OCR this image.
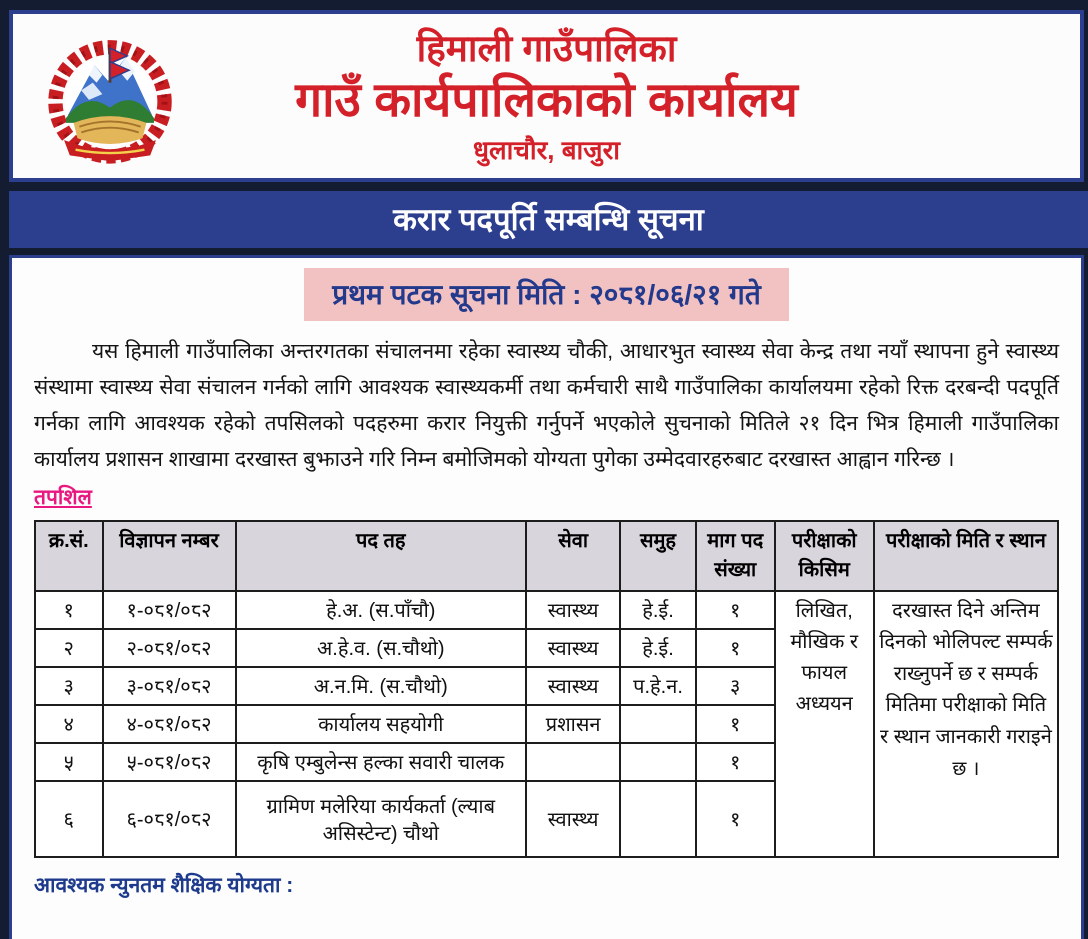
हिमाली गाउँपालिका
गाउँ कार्यपालिकाको कार्यालय
धुलाचौर, बाजुरा
करार पदपूर्ति सम्बन्धि सूचना
प्रथम पटक सूचना मिति : २०८१/०६/२१ गते

यस हिमाली गाउँपालिका अन्तरगतका संचालनमा रहेका स्वास्थ्य चौकी, आधारभुत स्वास्थ्य सेवा केन्द्र तथा नयाँ स्थापना हुने स्वास्थ्य संस्थामा स्वास्थ्य सेवा संचालन गर्नको लागि आवश्यक स्वास्थ्यकर्मी तथा कर्मचारी साथै गाउँपालिका कार्यालयमा रहेको रिक्त दरबन्दी पदपूर्ति गर्नका लागि आवश्यक रहेको तपसिलको पदहरुमा करार नियुक्ती गर्नुपर्ने भएकोले सुचनाको मितिले २१ दिन भित्र हिमाली गाउँपालिका कार्यालय प्रशासन शाखामा दरखास्त बुझाउने गरि निम्न बमोजिमको योग्यता पुगेका उम्मेदवारहरुबाट दरखास्त आह्वान गरिन्छ ।

तपशिल
क्र.सं.	विज्ञापन नम्बर	पद तह	सेवा	समुह	माग पद संख्या	परीक्षाको किसिम	परीक्षाको मिति र स्थान
१	१-०८१/०८२	हे.अ. (स.पाँचौ)	स्वास्थ्य	हे.ई.	१	लिखित, मौखिक र फायल अध्ययन	दरखास्त दिने अन्तिम दिनको भोलिपल्ट सम्पर्क राख्नुपर्ने छ र सम्पर्क मितिमा परीक्षाको मिति र स्थान जानकारी गराइने छ ।
२	२-०८१/०८२	अ.हे.व. (स.चौथो)	स्वास्थ्य	हे.ई.	१		
३	३-०८१/०८२	अ.न.मि. (स.चौथो)	स्वास्थ्य	प.हे.न.	३		
४	४-०८१/०८२	कार्यालय सहयोगी	प्रशासन		१		
५	५-०८१/०८२	कृषि एम्बुलेन्स हल्का सवारी चालक			१		
६	६-०८१/०८२	ग्रामिण मलेरिया कार्यकर्ता (ल्याब असिस्टेन्ट) चौथो	स्वास्थ्य		१		
आवश्यक न्युनतम शैक्षिक योग्यता :
